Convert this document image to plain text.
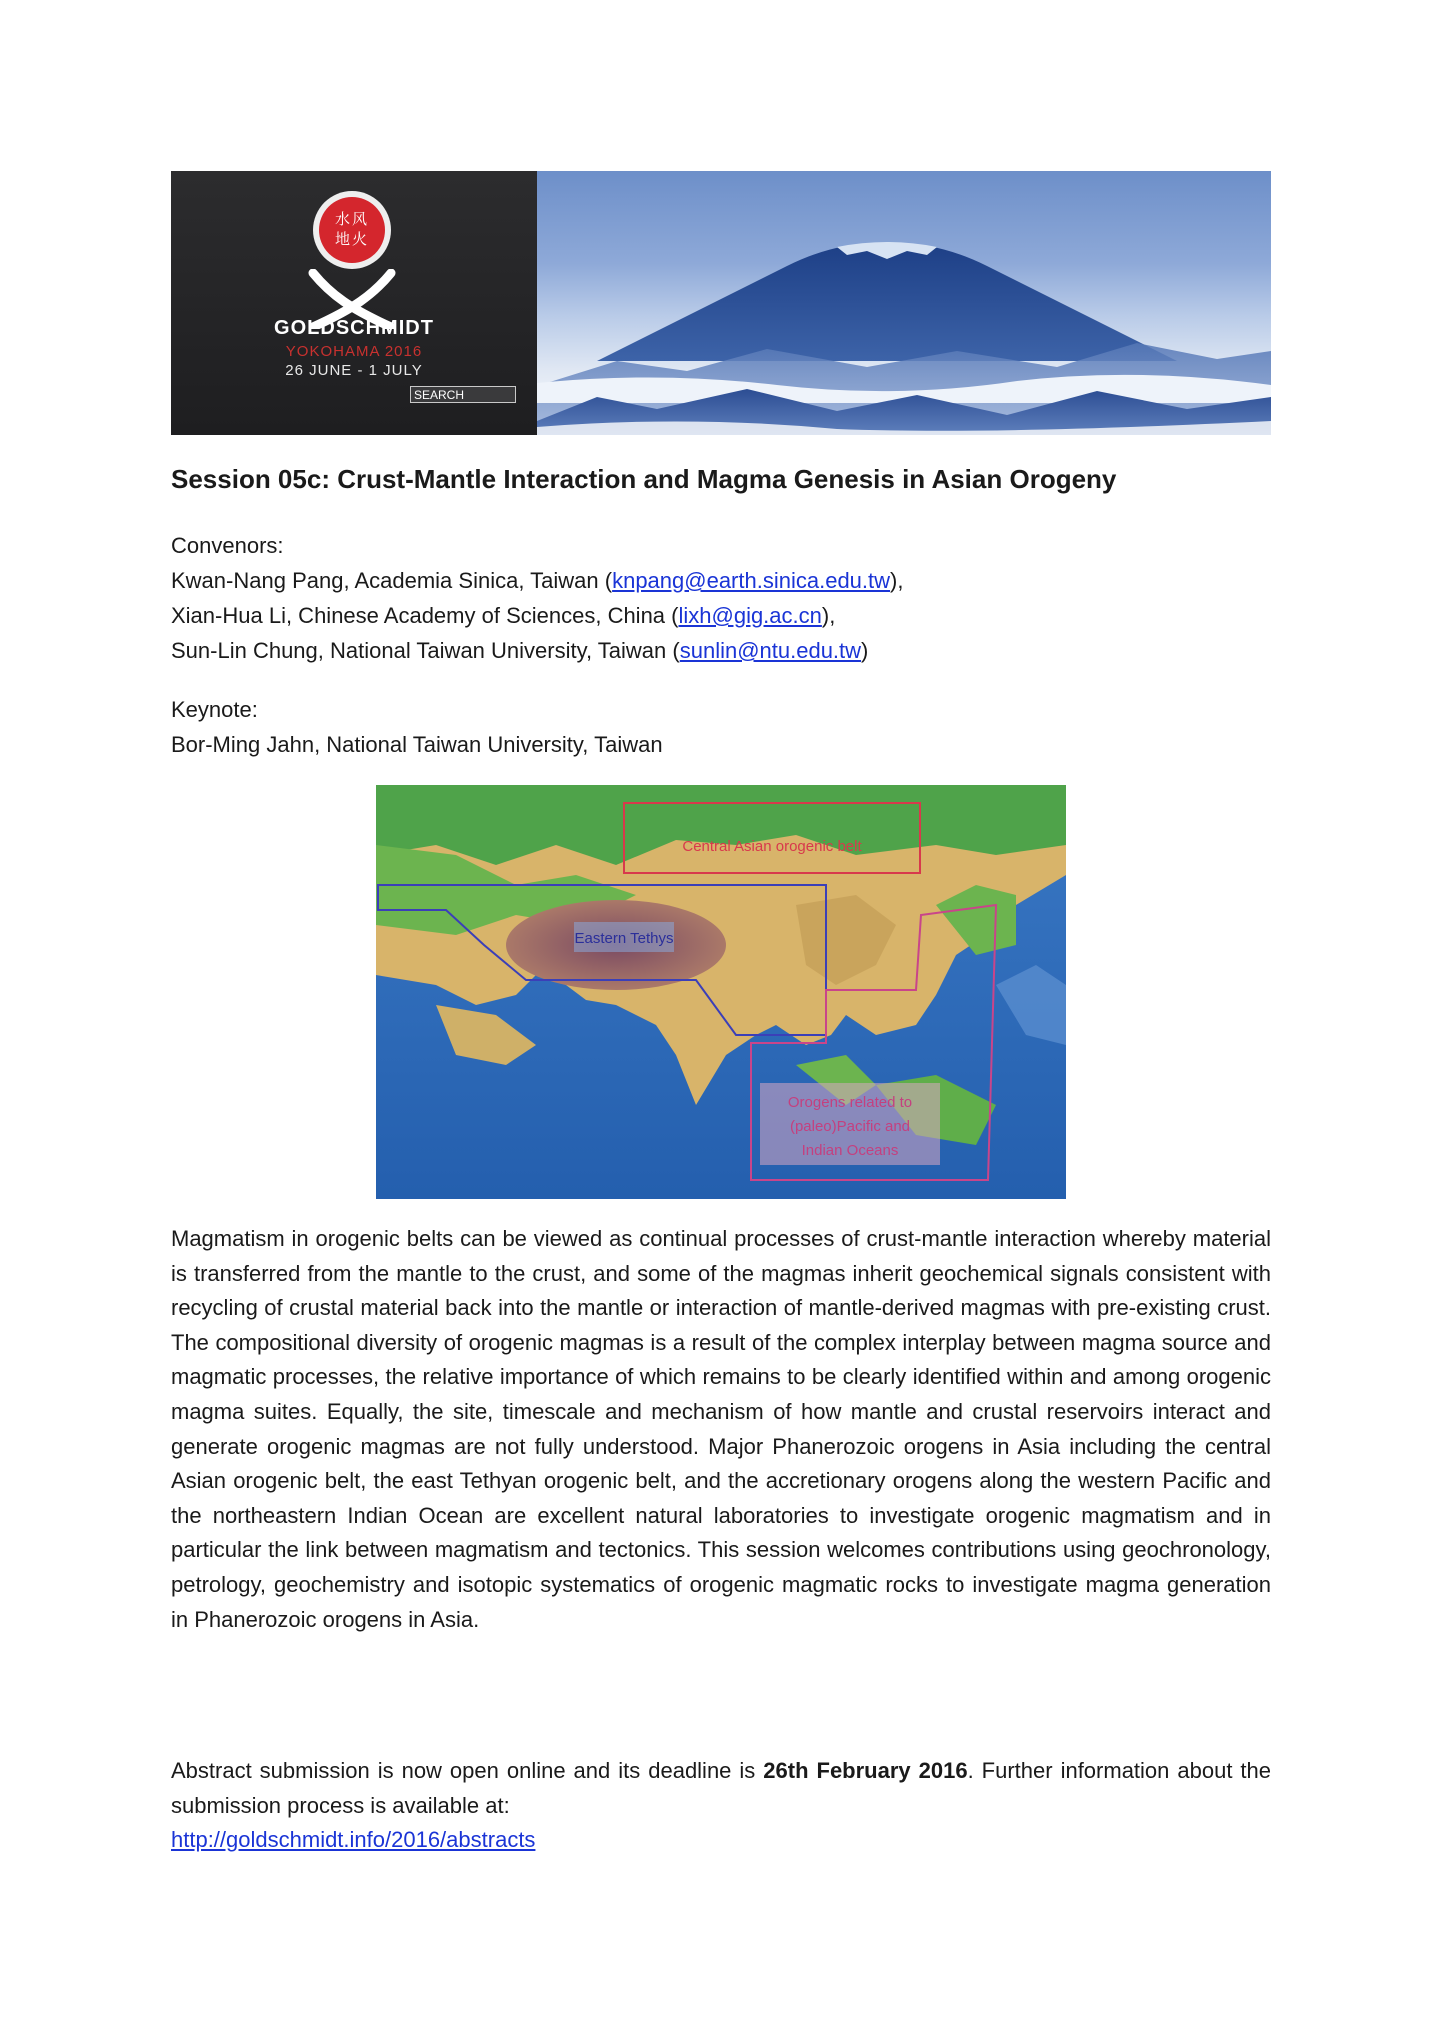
水风地火
GOLDSCHMIDT
YOKOHAMA 2016
26 JUNE - 1 JULY
SEARCH
Session 05c: Crust-Mantle Interaction and Magma Genesis in Asian Orogeny
Convenors:
Kwan-Nang Pang, Academia Sinica, Taiwan (knpang@earth.sinica.edu.tw),
Xian-Hua Li, Chinese Academy of Sciences, China (lixh@gig.ac.cn),
Sun-Lin Chung, National Taiwan University, Taiwan (sunlin@ntu.edu.tw)
Keynote:
Bor-Ming Jahn, National Taiwan University, Taiwan
Central Asian orogenic belt
Eastern Tethys
Orogens related to
(paleo)Pacific and
Indian Oceans
Magmatism in orogenic belts can be viewed as continual processes of crust-mantle interaction whereby material is transferred from the mantle to the crust, and some of the magmas inherit geochemical signals consistent with recycling of crustal material back into the mantle or interaction of mantle-derived magmas with pre-existing crust. The compositional diversity of orogenic magmas is a result of the complex interplay between magma source and magmatic processes, the relative importance of which remains to be clearly identified within and among orogenic magma suites. Equally, the site, timescale and mechanism of how mantle and crustal reservoirs interact and generate orogenic magmas are not fully understood. Major Phanerozoic orogens in Asia including the central Asian orogenic belt, the east Tethyan orogenic belt, and the accretionary orogens along the western Pacific and the northeastern Indian Ocean are excellent natural laboratories to investigate orogenic magmatism and in particular the link between magmatism and tectonics. This session welcomes contributions using geochronology, petrology, geochemistry and isotopic systematics of orogenic magmatic rocks to investigate magma generation in Phanerozoic orogens in Asia.
Abstract submission is now open online and its deadline is 26th February 2016. Further information about the submission process is available at:
http://goldschmidt.info/2016/abstracts
